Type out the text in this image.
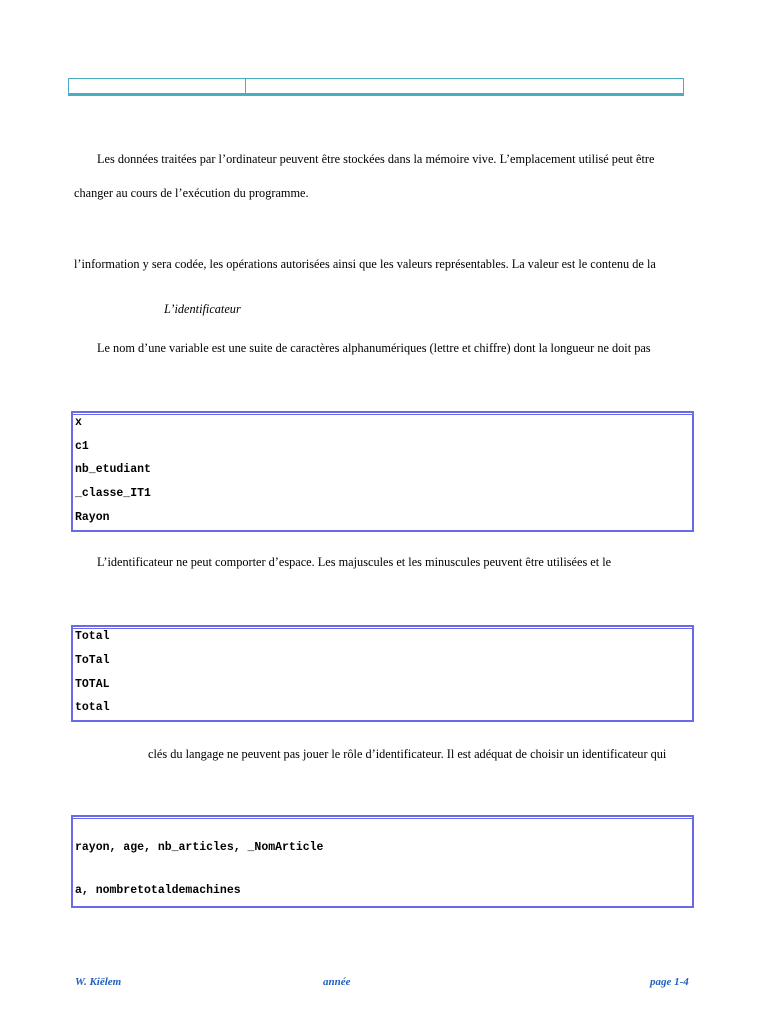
Les données traitées par l’ordinateur peuvent être stockées dans la mémoire vive. L’emplacement utilisé peut être
changer au cours de l’exécution du programme.
l’information y sera codée, les opérations autorisées ainsi que les valeurs représentables. La valeur est le contenu de la
L’identificateur
Le nom d’une variable est une suite de caractères alphanumériques (lettre et chiffre) dont la longueur ne doit pas
x
c1
nb_etudiant
_classe_IT1
Rayon
L’identificateur ne peut comporter d’espace. Les majuscules et les minuscules peuvent être utilisées et le
Total
ToTal
TOTAL
total
clés du langage ne peuvent pas jouer le rôle d’identificateur. Il est adéquat de choisir un identificateur qui
rayon, age, nb_articles, _NomArticle
a, nombretotaldemachines
W. Kiëlem	année	page 1-4
